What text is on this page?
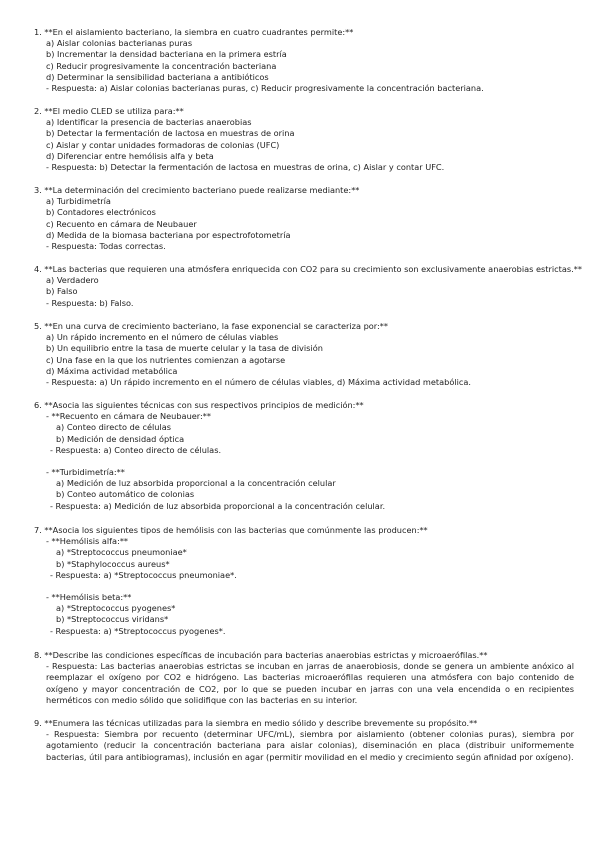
1. **En el aislamiento bacteriano, la siembra en cuatro cuadrantes permite:**
a) Aislar colonias bacterianas puras
b) Incrementar la densidad bacteriana en la primera estría
c) Reducir progresivamente la concentración bacteriana
d) Determinar la sensibilidad bacteriana a antibióticos
- Respuesta: a) Aislar colonias bacterianas puras, c) Reducir progresivamente la concentración bacteriana.
2. **El medio CLED se utiliza para:**
a) Identificar la presencia de bacterias anaerobias
b) Detectar la fermentación de lactosa en muestras de orina
c) Aislar y contar unidades formadoras de colonias (UFC)
d) Diferenciar entre hemólisis alfa y beta
- Respuesta: b) Detectar la fermentación de lactosa en muestras de orina, c) Aislar y contar UFC.
3. **La determinación del crecimiento bacteriano puede realizarse mediante:**
a) Turbidimetría
b) Contadores electrónicos
c) Recuento en cámara de Neubauer
d) Medida de la biomasa bacteriana por espectrofotometría
- Respuesta: Todas correctas.
4. **Las bacterias que requieren una atmósfera enriquecida con CO2 para su crecimiento son exclusivamente anaerobias estrictas.**
a) Verdadero
b) Falso
- Respuesta: b) Falso.
5. **En una curva de crecimiento bacteriano, la fase exponencial se caracteriza por:**
a) Un rápido incremento en el número de células viables
b) Un equilibrio entre la tasa de muerte celular y la tasa de división
c) Una fase en la que los nutrientes comienzan a agotarse
d) Máxima actividad metabólica
- Respuesta: a) Un rápido incremento en el número de células viables, d) Máxima actividad metabólica.
6. **Asocia las siguientes técnicas con sus respectivos principios de medición:**
- **Recuento en cámara de Neubauer:**
a) Conteo directo de células
b) Medición de densidad óptica
- Respuesta: a) Conteo directo de células.
- **Turbidimetría:**
a) Medición de luz absorbida proporcional a la concentración celular
b) Conteo automático de colonias
- Respuesta: a) Medición de luz absorbida proporcional a la concentración celular.
7. **Asocia los siguientes tipos de hemólisis con las bacterias que comúnmente las producen:**
- **Hemólisis alfa:**
a) *Streptococcus pneumoniae*
b) *Staphylococcus aureus*
- Respuesta: a) *Streptococcus pneumoniae*.
- **Hemólisis beta:**
a) *Streptococcus pyogenes*
b) *Streptococcus viridans*
- Respuesta: a) *Streptococcus pyogenes*.
8. **Describe las condiciones específicas de incubación para bacterias anaerobias estrictas y microaerófilas.**
- Respuesta: Las bacterias anaerobias estrictas se incuban en jarras de anaerobiosis, donde se genera un ambiente anóxico al reemplazar el oxígeno por CO2 e hidrógeno. Las bacterias microaerófilas requieren una atmósfera con bajo contenido de oxígeno y mayor concentración de CO2, por lo que se pueden incubar en jarras con una vela encendida o en recipientes herméticos con medio sólido que solidifique con las bacterias en su interior.
9. **Enumera las técnicas utilizadas para la siembra en medio sólido y describe brevemente su propósito.**
- Respuesta: Siembra por recuento (determinar UFC/mL), siembra por aislamiento (obtener colonias puras), siembra por agotamiento (reducir la concentración bacteriana para aislar colonias), diseminación en placa (distribuir uniformemente bacterias, útil para antibiogramas), inclusión en agar (permitir movilidad en el medio y crecimiento según afinidad por oxígeno).
